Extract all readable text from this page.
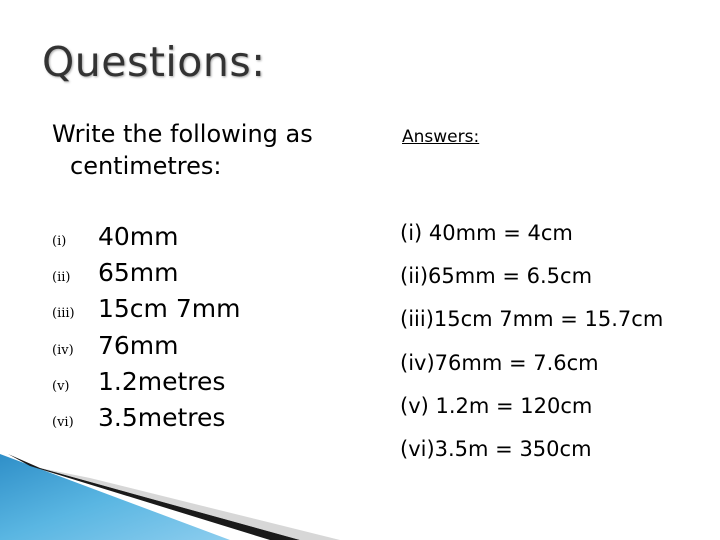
Questions:
Write the following as
centimetres:
Answers:
(i) 40mm
(ii) 65mm
(iii) 15cm 7mm
(iv) 76mm
(v) 1.2metres
(vi) 3.5metres
(i) 40mm = 4cm
(ii)65mm = 6.5cm
(iii)15cm 7mm = 15.7cm
(iv)76mm = 7.6cm
(v) 1.2m = 120cm
(vi)3.5m = 350cm
